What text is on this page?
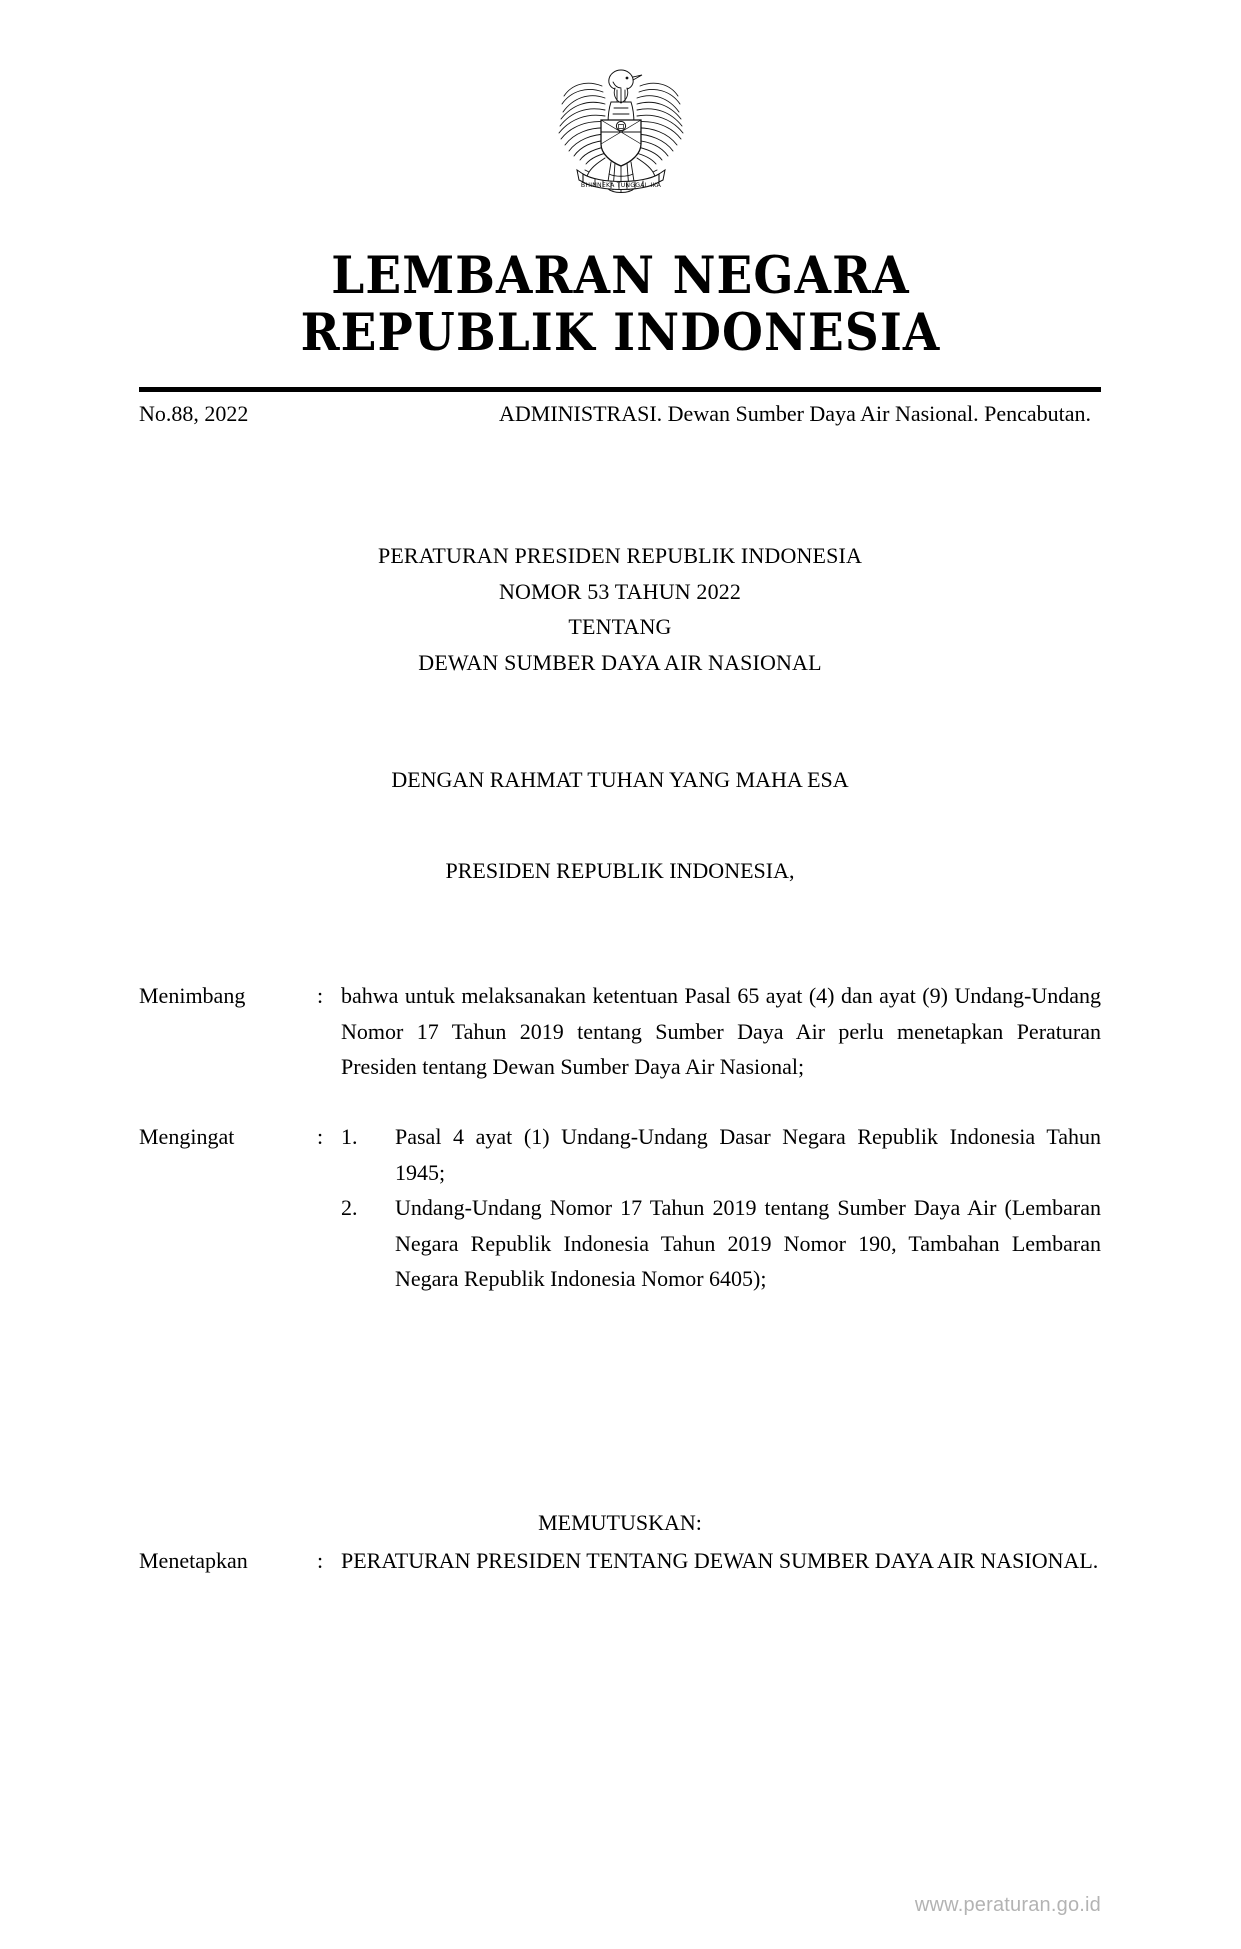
BHINNEKA TUNGGAL IKA
LEMBARAN NEGARA
REPUBLIK INDONESIA
No.88, 2022	ADMINISTRASI. Dewan Sumber Daya Air Nasional. Pencabutan.
PERATURAN PRESIDEN REPUBLIK INDONESIA
NOMOR 53 TAHUN 2022
TENTANG
DEWAN SUMBER DAYA AIR NASIONAL
DENGAN RAHMAT TUHAN YANG MAHA ESA
PRESIDEN REPUBLIK INDONESIA,
Menimbang	: bahwa untuk melaksanakan ketentuan Pasal 65 ayat (4) dan ayat (9) Undang-Undang Nomor 17 Tahun 2019 tentang Sumber Daya Air perlu menetapkan Peraturan Presiden tentang Dewan Sumber Daya Air Nasional;
Mengingat	: 1.	Pasal 4 ayat (1) Undang-Undang Dasar Negara Republik Indonesia Tahun 1945;
2.	Undang-Undang Nomor 17 Tahun 2019 tentang Sumber Daya Air (Lembaran Negara Republik Indonesia Tahun 2019 Nomor 190, Tambahan Lembaran Negara Republik Indonesia Nomor 6405);
MEMUTUSKAN:
Menetapkan	: PERATURAN PRESIDEN TENTANG DEWAN SUMBER DAYA AIR NASIONAL.
www.peraturan.go.id
